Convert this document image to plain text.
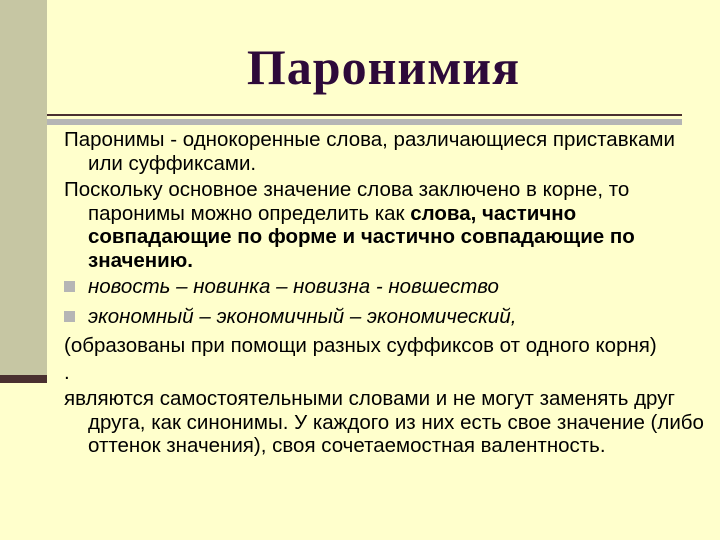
Паронимия

Паронимы - однокоренные слова, различающиеся приставками или суффиксами.

Поскольку основное значение слова заключено в корне, то паронимы можно определить как слова, частично совпадающие по форме и частично совпадающие по значению.

новость – новинка – новизна - новшество
экономный – экономичный – экономический,

(образованы при помощи разных суффиксов от одного корня)

.

являются самостоятельными словами и не могут заменять друг друга, как синонимы. У каждого из них есть свое значение (либо оттенок значения), своя сочетаемостная валентность.
